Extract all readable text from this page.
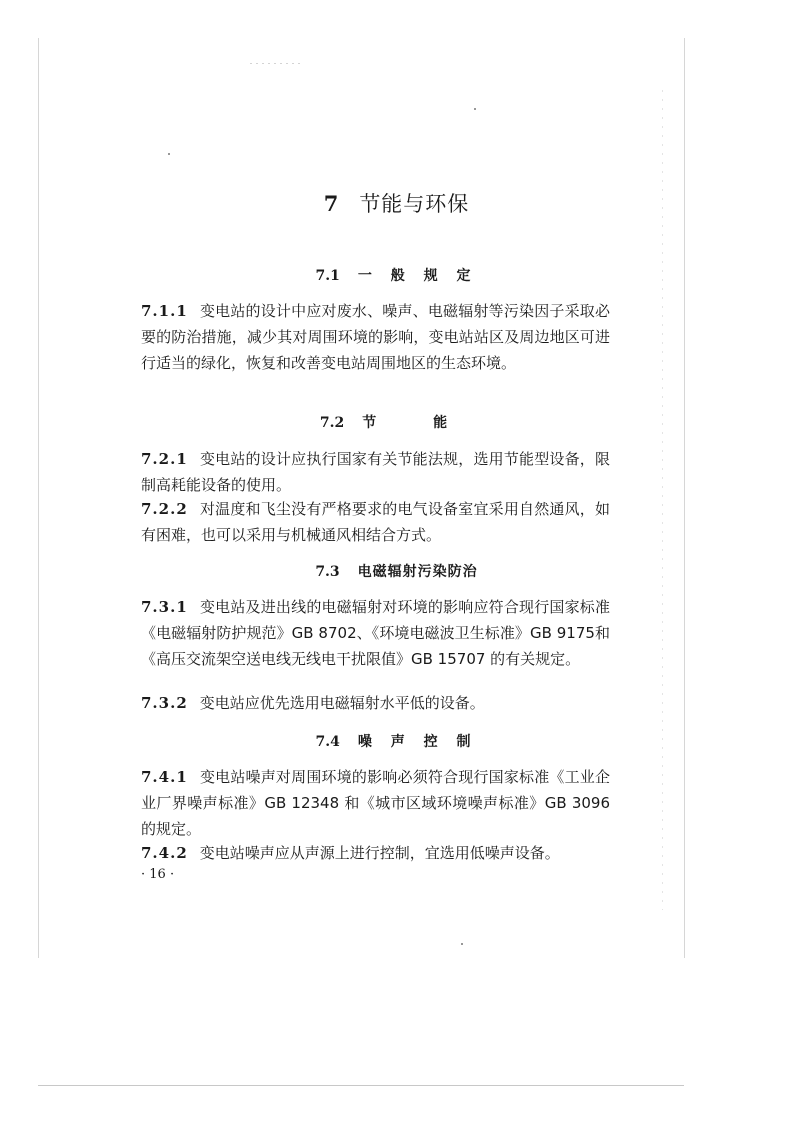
7 节能与环保
7.1 一 般 规 定

7.1.1 变电站的设计中应对废水、噪声、电磁辐射等污染因子采取必要的防治措施，减少其对周围环境的影响，变电站站区及周边地区可进行适当的绿化，恢复和改善变电站周围地区的生态环境。

7.2 节 能

7.2.1 变电站的设计应执行国家有关节能法规，选用节能型设备，限制高耗能设备的使用。

7.2.2 对温度和飞尘没有严格要求的电气设备室宜采用自然通风，如有困难，也可以采用与机械通风相结合方式。

7.3 电磁辐射污染防治

7.3.1 变电站及进出线的电磁辐射对环境的影响应符合现行国家标准《电磁辐射防护规范》GB 8702、《环境电磁波卫生标准》GB 9175和《高压交流架空送电线无线电干扰限值》GB 15707 的有关规定。

7.3.2 变电站应优先选用电磁辐射水平低的设备。

7.4 噪 声 控 制

7.4.1 变电站噪声对周围环境的影响必须符合现行国家标准《工业企业厂界噪声标准》GB 12348 和《城市区域环境噪声标准》GB 3096的规定。

7.4.2 变电站噪声应从声源上进行控制，宜选用低噪声设备。

· 16 ·
